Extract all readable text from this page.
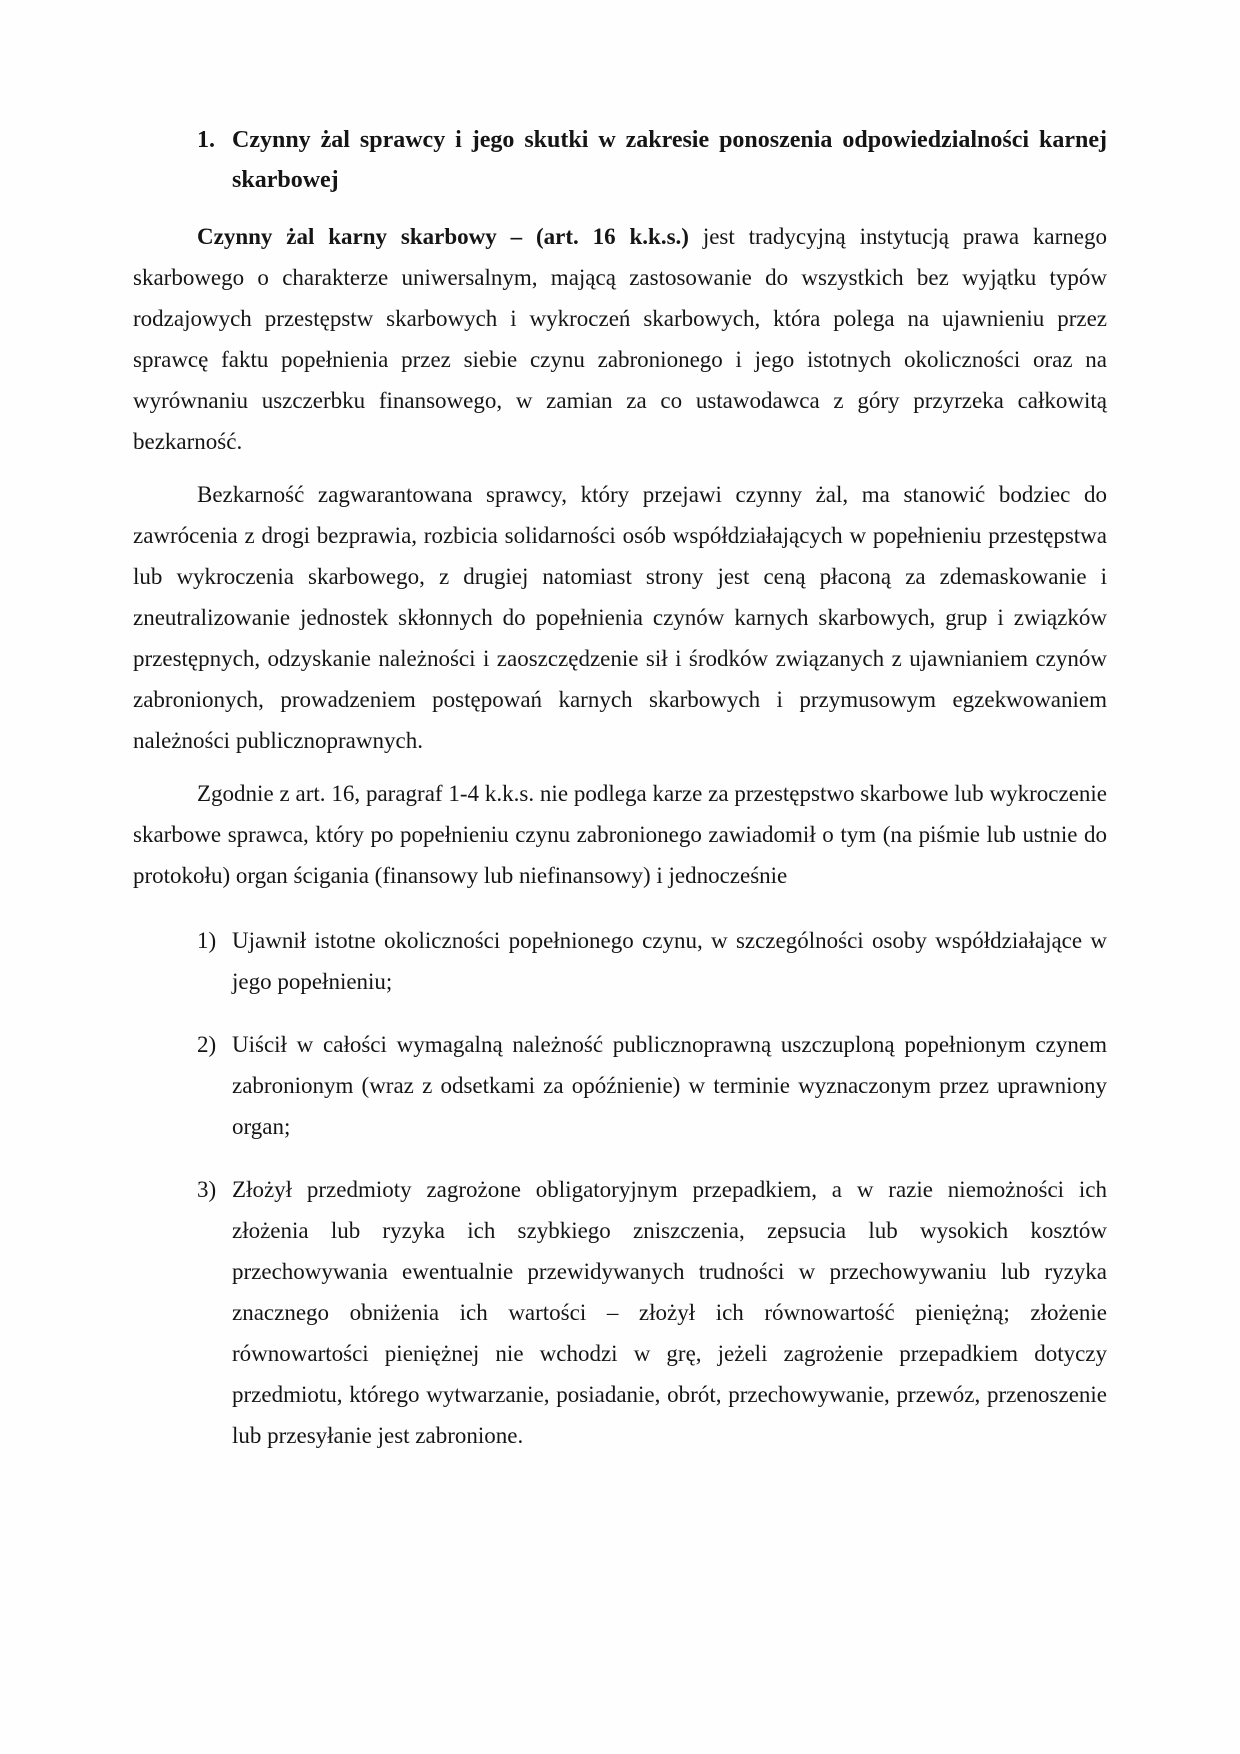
1. Czynny żal sprawcy i jego skutki w zakresie ponoszenia odpowiedzialności karnej skarbowej

Czynny żal karny skarbowy – (art. 16 k.k.s.) jest tradycyjną instytucją prawa karnego skarbowego o charakterze uniwersalnym, mającą zastosowanie do wszystkich bez wyjątku typów rodzajowych przestępstw skarbowych i wykroczeń skarbowych, która polega na ujawnieniu przez sprawcę faktu popełnienia przez siebie czynu zabronionego i jego istotnych okoliczności oraz na wyrównaniu uszczerbku finansowego, w zamian za co ustawodawca z góry przyrzeka całkowitą bezkarność.

Bezkarność zagwarantowana sprawcy, który przejawi czynny żal, ma stanowić bodziec do zawrócenia z drogi bezprawia, rozbicia solidarności osób współdziałających w popełnieniu przestępstwa lub wykroczenia skarbowego, z drugiej natomiast strony jest ceną płaconą za zdemaskowanie i zneutralizowanie jednostek skłonnych do popełnienia czynów karnych skarbowych, grup i związków przestępnych, odzyskanie należności i zaoszczędzenie sił i środków związanych z ujawnianiem czynów zabronionych, prowadzeniem postępowań karnych skarbowych i przymusowym egzekwowaniem należności publicznoprawnych.

Zgodnie z art. 16, paragraf 1-4 k.k.s. nie podlega karze za przestępstwo skarbowe lub wykroczenie skarbowe sprawca, który po popełnieniu czynu zabronionego zawiadomił o tym (na piśmie lub ustnie do protokołu) organ ścigania (finansowy lub niefinansowy) i jednocześnie

1) Ujawnił istotne okoliczności popełnionego czynu, w szczególności osoby współdziałające w jego popełnieniu;
2) Uiścił w całości wymagalną należność publicznoprawną uszczuploną popełnionym czynem zabronionym (wraz z odsetkami za opóźnienie) w terminie wyznaczonym przez uprawniony organ;
3) Złożył przedmioty zagrożone obligatoryjnym przepadkiem, a w razie niemożności ich złożenia lub ryzyka ich szybkiego zniszczenia, zepsucia lub wysokich kosztów przechowywania ewentualnie przewidywanych trudności w przechowywaniu lub ryzyka znacznego obniżenia ich wartości – złożył ich równowartość pieniężną; złożenie równowartości pieniężnej nie wchodzi w grę, jeżeli zagrożenie przepadkiem dotyczy przedmiotu, którego wytwarzanie, posiadanie, obrót, przechowywanie, przewóz, przenoszenie lub przesyłanie jest zabronione.
